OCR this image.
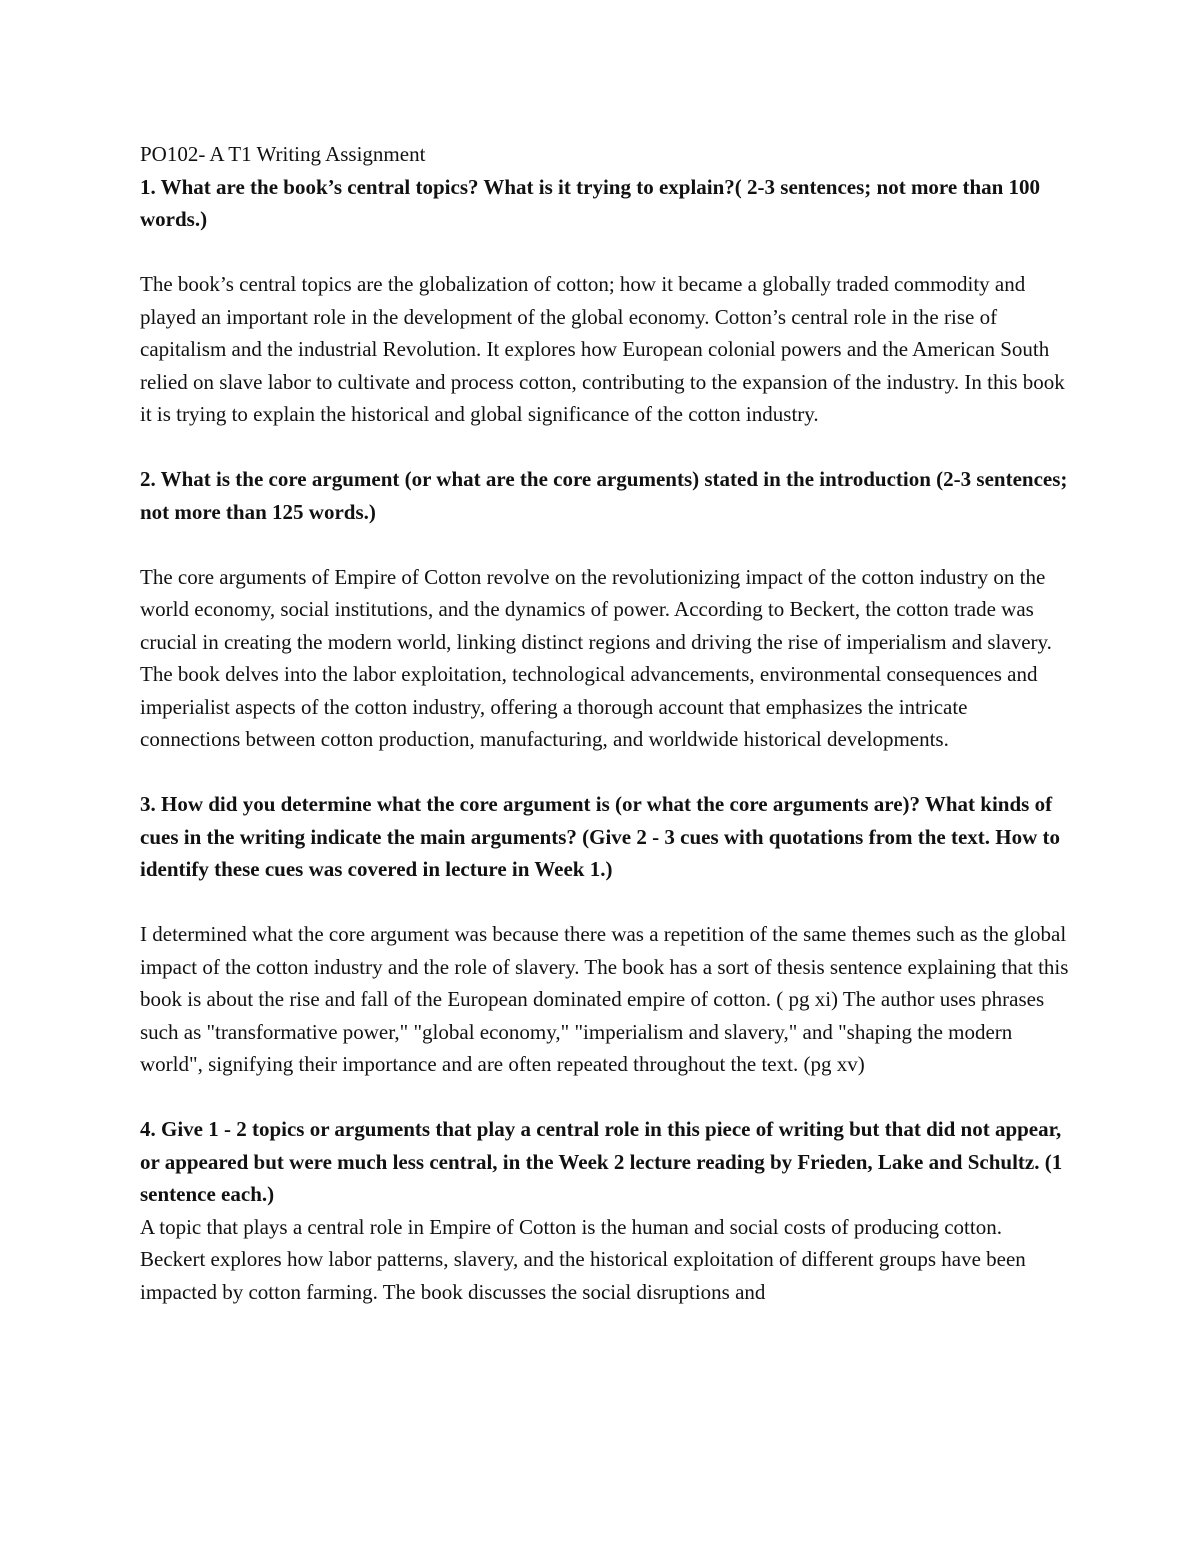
PO102- A T1 Writing Assignment

1. What are the book’s central topics? What is it trying to explain?( 2-3 sentences; not more than 100 words.)

The book’s central topics are the globalization of cotton; how it became a globally traded commodity and played an important role in the development of the global economy. Cotton’s central role in the rise of capitalism and the industrial Revolution. It explores how European colonial powers and the American South relied on slave labor to cultivate and process cotton, contributing to the expansion of the industry. In this book it is trying to explain the historical and global significance of the cotton industry.

2. What is the core argument (or what are the core arguments) stated in the introduction (2-3 sentences; not more than 125 words.)

The core arguments of Empire of Cotton revolve on the revolutionizing impact of the cotton industry on the world economy, social institutions, and the dynamics of power. According to Beckert, the cotton trade was crucial in creating the modern world, linking distinct regions and driving the rise of imperialism and slavery. The book delves into the labor exploitation, technological advancements, environmental consequences and imperialist aspects of the cotton industry, offering a thorough account that emphasizes the intricate connections between cotton production, manufacturing, and worldwide historical developments.

3. How did you determine what the core argument is (or what the core arguments are)? What kinds of cues in the writing indicate the main arguments? (Give 2 - 3 cues with quotations from the text. How to identify these cues was covered in lecture in Week 1.)

I determined what the core argument was because there was a repetition of the same themes such as the global impact of the cotton industry and the role of slavery. The book has a sort of thesis sentence explaining that this book is about the rise and fall of the European dominated empire of cotton. ( pg xi) The author uses phrases such as "transformative power," "global economy," "imperialism and slavery," and "shaping the modern world", signifying their importance and are often repeated throughout the text. (pg xv)

4. Give 1 - 2 topics or arguments that play a central role in this piece of writing but that did not appear, or appeared but were much less central, in the Week 2 lecture reading by Frieden, Lake and Schultz. (1 sentence each.)

A topic that plays a central role in Empire of Cotton is the human and social costs of producing cotton. Beckert explores how labor patterns, slavery, and the historical exploitation of different groups have been impacted by cotton farming. The book discusses the social disruptions and
